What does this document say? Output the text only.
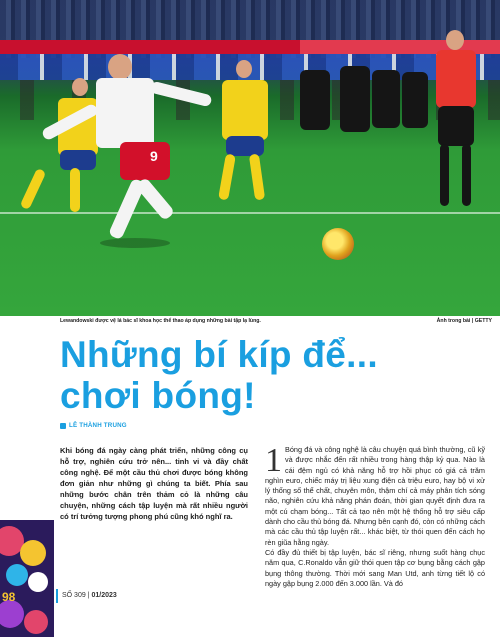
9
Lewandowski được vệ lá bác sĩ khoa học thể thao áp dụng những bài tập lạ lùng.	Ảnh trong bài | GETTY
Những bí kíp để...
chơi bóng!
LÊ THÀNH TRUNG
Khi bóng đá ngày càng phát triển, những công cụ hỗ trợ, nghiên cứu trở nên... tinh vi và đầy chất công nghệ. Để một cầu thủ chơi được bóng không đơn giản như những gì chúng ta biết. Phía sau những bước chân trên thảm cỏ là những câu chuyện, những cách tập luyện mà rất nhiều người có trí tưởng tượng phong phú cũng khó nghĩ ra.

1 Bóng đá và công nghệ là câu chuyện quá bình thường, cũ kỹ và được nhắc đến rất nhiều trong hàng thập kỷ qua. Nào là cái đệm ngủ có khả năng hỗ trợ hồi phục có giá cả trăm nghìn euro, chiếc máy trị liệu xung điện cả triệu euro, hay bộ vi xử lý thống số thể chất, chuyên môn, thậm chí cả máy phân tích sóng não, nghiên cứu khả năng phán đoán, thời gian quyết định đưa ra một cú chạm bóng... Tất cả tạo nên một hệ thống hỗ trợ siêu cấp dành cho cầu thủ bóng đá. Nhưng bên cạnh đó, còn có những cách mà các cầu thủ tập luyện rất... khác biệt, từ thói quen đến cách họ rèn giũa hằng ngày.

Có đầy đủ thiết bị tập luyện, bác sĩ riêng, nhưng suốt hàng chục năm qua, C.Ronaldo vẫn giữ thói quen tập cơ bụng bằng cách gập bụng thông thường. Thời mới sang Man Utd, anh từng tiết lộ có ngày gập bụng 2.000 đến 3.000 lần. Và đó

98	SỐ 309 | 01/2023
